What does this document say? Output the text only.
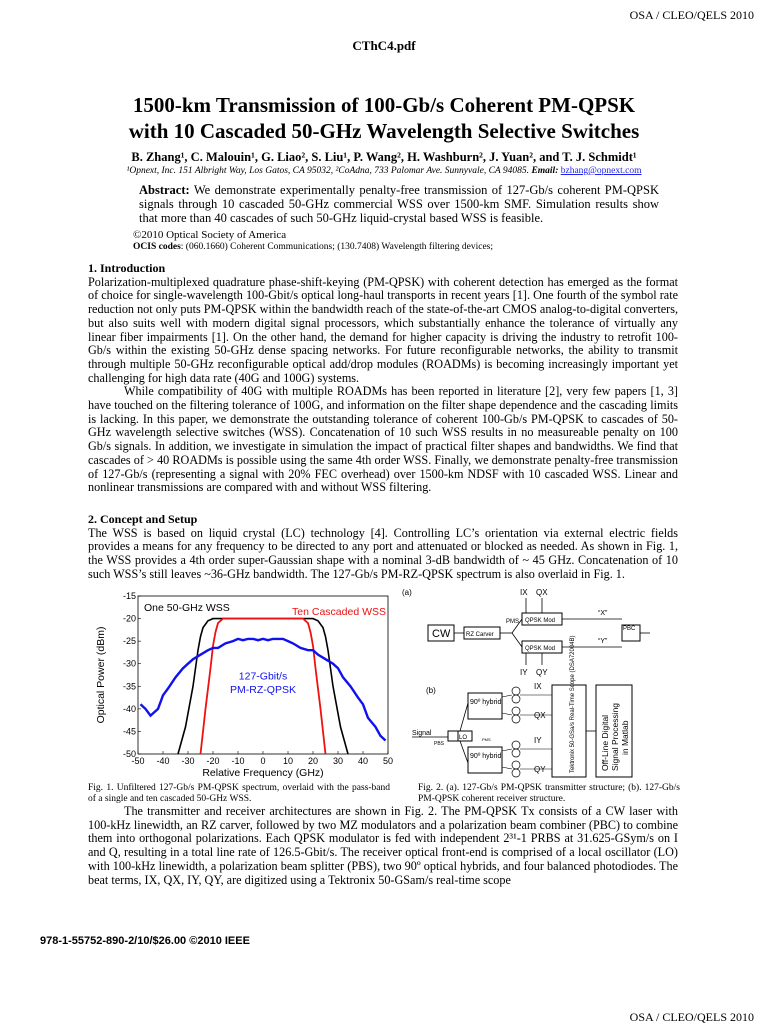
OSA / CLEO/QELS 2010
CThC4.pdf
1500-km Transmission of 100-Gb/s Coherent PM-QPSK
with 10 Cascaded 50-GHz Wavelength Selective Switches
B. Zhang¹, C. Malouin¹, G. Liao², S. Liu¹, P. Wang², H. Washburn², J. Yuan², and T. J. Schmidt¹
¹Opnext, Inc. 151 Albright Way, Los Gatos, CA 95032, ²CoAdna, 733 Palomar Ave. Sunnyvale, CA 94085. Email: bzhang@opnext.com
Abstract: We demonstrate experimentally penalty-free transmission of 127-Gb/s coherent PM-QPSK signals through 10 cascaded 50-GHz commercial WSS over 1500-km SMF. Simulation results show that more than 40 cascades of such 50-GHz liquid-crystal based WSS is feasible.
©2010 Optical Society of America
OCIS codes: (060.1660) Coherent Communications; (130.7408) Wavelength filtering devices;
1. Introduction

Polarization-multiplexed quadrature phase-shift-keying (PM-QPSK) with coherent detection has emerged as the format of choice for single-wavelength 100-Gbit/s optical long-haul transports in recent years [1]. One fourth of the symbol rate reduction not only puts PM-QPSK within the bandwidth reach of the state-of-the-art CMOS analog-to-digital converters, but also suits well with modern digital signal processors, which substantially enhance the tolerance of virtually any linear fiber impairments [1]. On the other hand, the demand for higher capacity is driving the industry to retrofit 100-Gb/s within the existing 50-GHz dense spacing networks. For future reconfigurable networks, the ability to transmit through multiple 50-GHz reconfigurable optical add/drop modules (ROADMs) is becoming increasingly important yet challenging for high data rate (40G and 100G) systems.

While compatibility of 40G with multiple ROADMs has been reported in literature [2], very few papers [1, 3] have touched on the filtering tolerance of 100G, and information on the filter shape dependence and the cascading limits is lacking. In this paper, we demonstrate the outstanding tolerance of coherent 100-Gb/s PM-QPSK to cascades of 50-GHz wavelength selective switches (WSS). Concatenation of 10 such WSS results in no measureable penalty on 100 Gb/s signals. In addition, we investigate in simulation the impact of practical filter shapes and bandwidths. We find that cascades of > 40 ROADMs is possible using the same 4th order WSS. Finally, we demonstrate penalty-free transmission of 127-Gb/s (representing a signal with 20% FEC overhead) over 1500-km NDSF with 10 cascaded WSS. Linear and nonlinear transmissions are compared with and without WSS filtering.

2. Concept and Setup

The WSS is based on liquid crystal (LC) technology [4]. Controlling LC’s orientation via external electric fields provides a means for any frequency to be directed to any port and attenuated or blocked as needed. As shown in Fig. 1, the WSS provides a 4th order super-Gaussian shape with a nominal 3-dB bandwidth of ~ 45 GHz. Concatenation of 10 such WSS’s still leaves ~36-GHz bandwidth. The 127-Gb/s PM-RZ-QPSK spectrum is also overlaid in Fig. 1.

-50 -40 -30 -20 -10 0 10 20 30 40 50
-15
-20
-25
-30
-35
-40
-45
-50
Relative Frequency (GHz)
Optical Power (dBm)
One 50-GHz WSS	Ten Cascaded WSS
127-Gbit/s
PM-RZ-QPSK
(a)	IX QX
CW	RZ Carver
PMS QPSK Mod
QPSK Mod
“X”
“Y”
PBC
IY QY
(b)
Signal
PBS
LO	PMS
90º hybrid
90º hybrid
IX
QX
IY
QY	Tektronix 50-GSa/s Real-Time Scope (DSA72004B)	Off-Line Digital Signal Processing in Matlab
Fig. 1. Unfiltered 127-Gb/s PM-QPSK spectrum, overlaid with the pass-band of a single and ten cascaded 50-GHz WSS.
Fig. 2. (a). 127-Gb/s PM-QPSK transmitter structure; (b). 127-Gb/s PM-QPSK coherent receiver structure.

The transmitter and receiver architectures are shown in Fig. 2. The PM-QPSK Tx consists of a CW laser with 100-kHz linewidth, an RZ carver, followed by two MZ modulators and a polarization beam combiner (PBC) to combine them into orthogonal polarizations. Each QPSK modulator is fed with independent 2³¹-1 PRBS at 31.625-GSym/s on I and Q, resulting in a total line rate of 126.5-Gbit/s. The receiver optical front-end is comprised of a local oscillator (LO) with 100-kHz linewidth, a polarization beam splitter (PBS), two 90º optical hybrids, and four balanced photodiodes. The beat terms, IX, QX, IY, QY, are digitized using a Tektronix 50-GSam/s real-time scope

978-1-55752-890-2/10/$26.00 ©2010 IEEE
OSA / CLEO/QELS 2010
